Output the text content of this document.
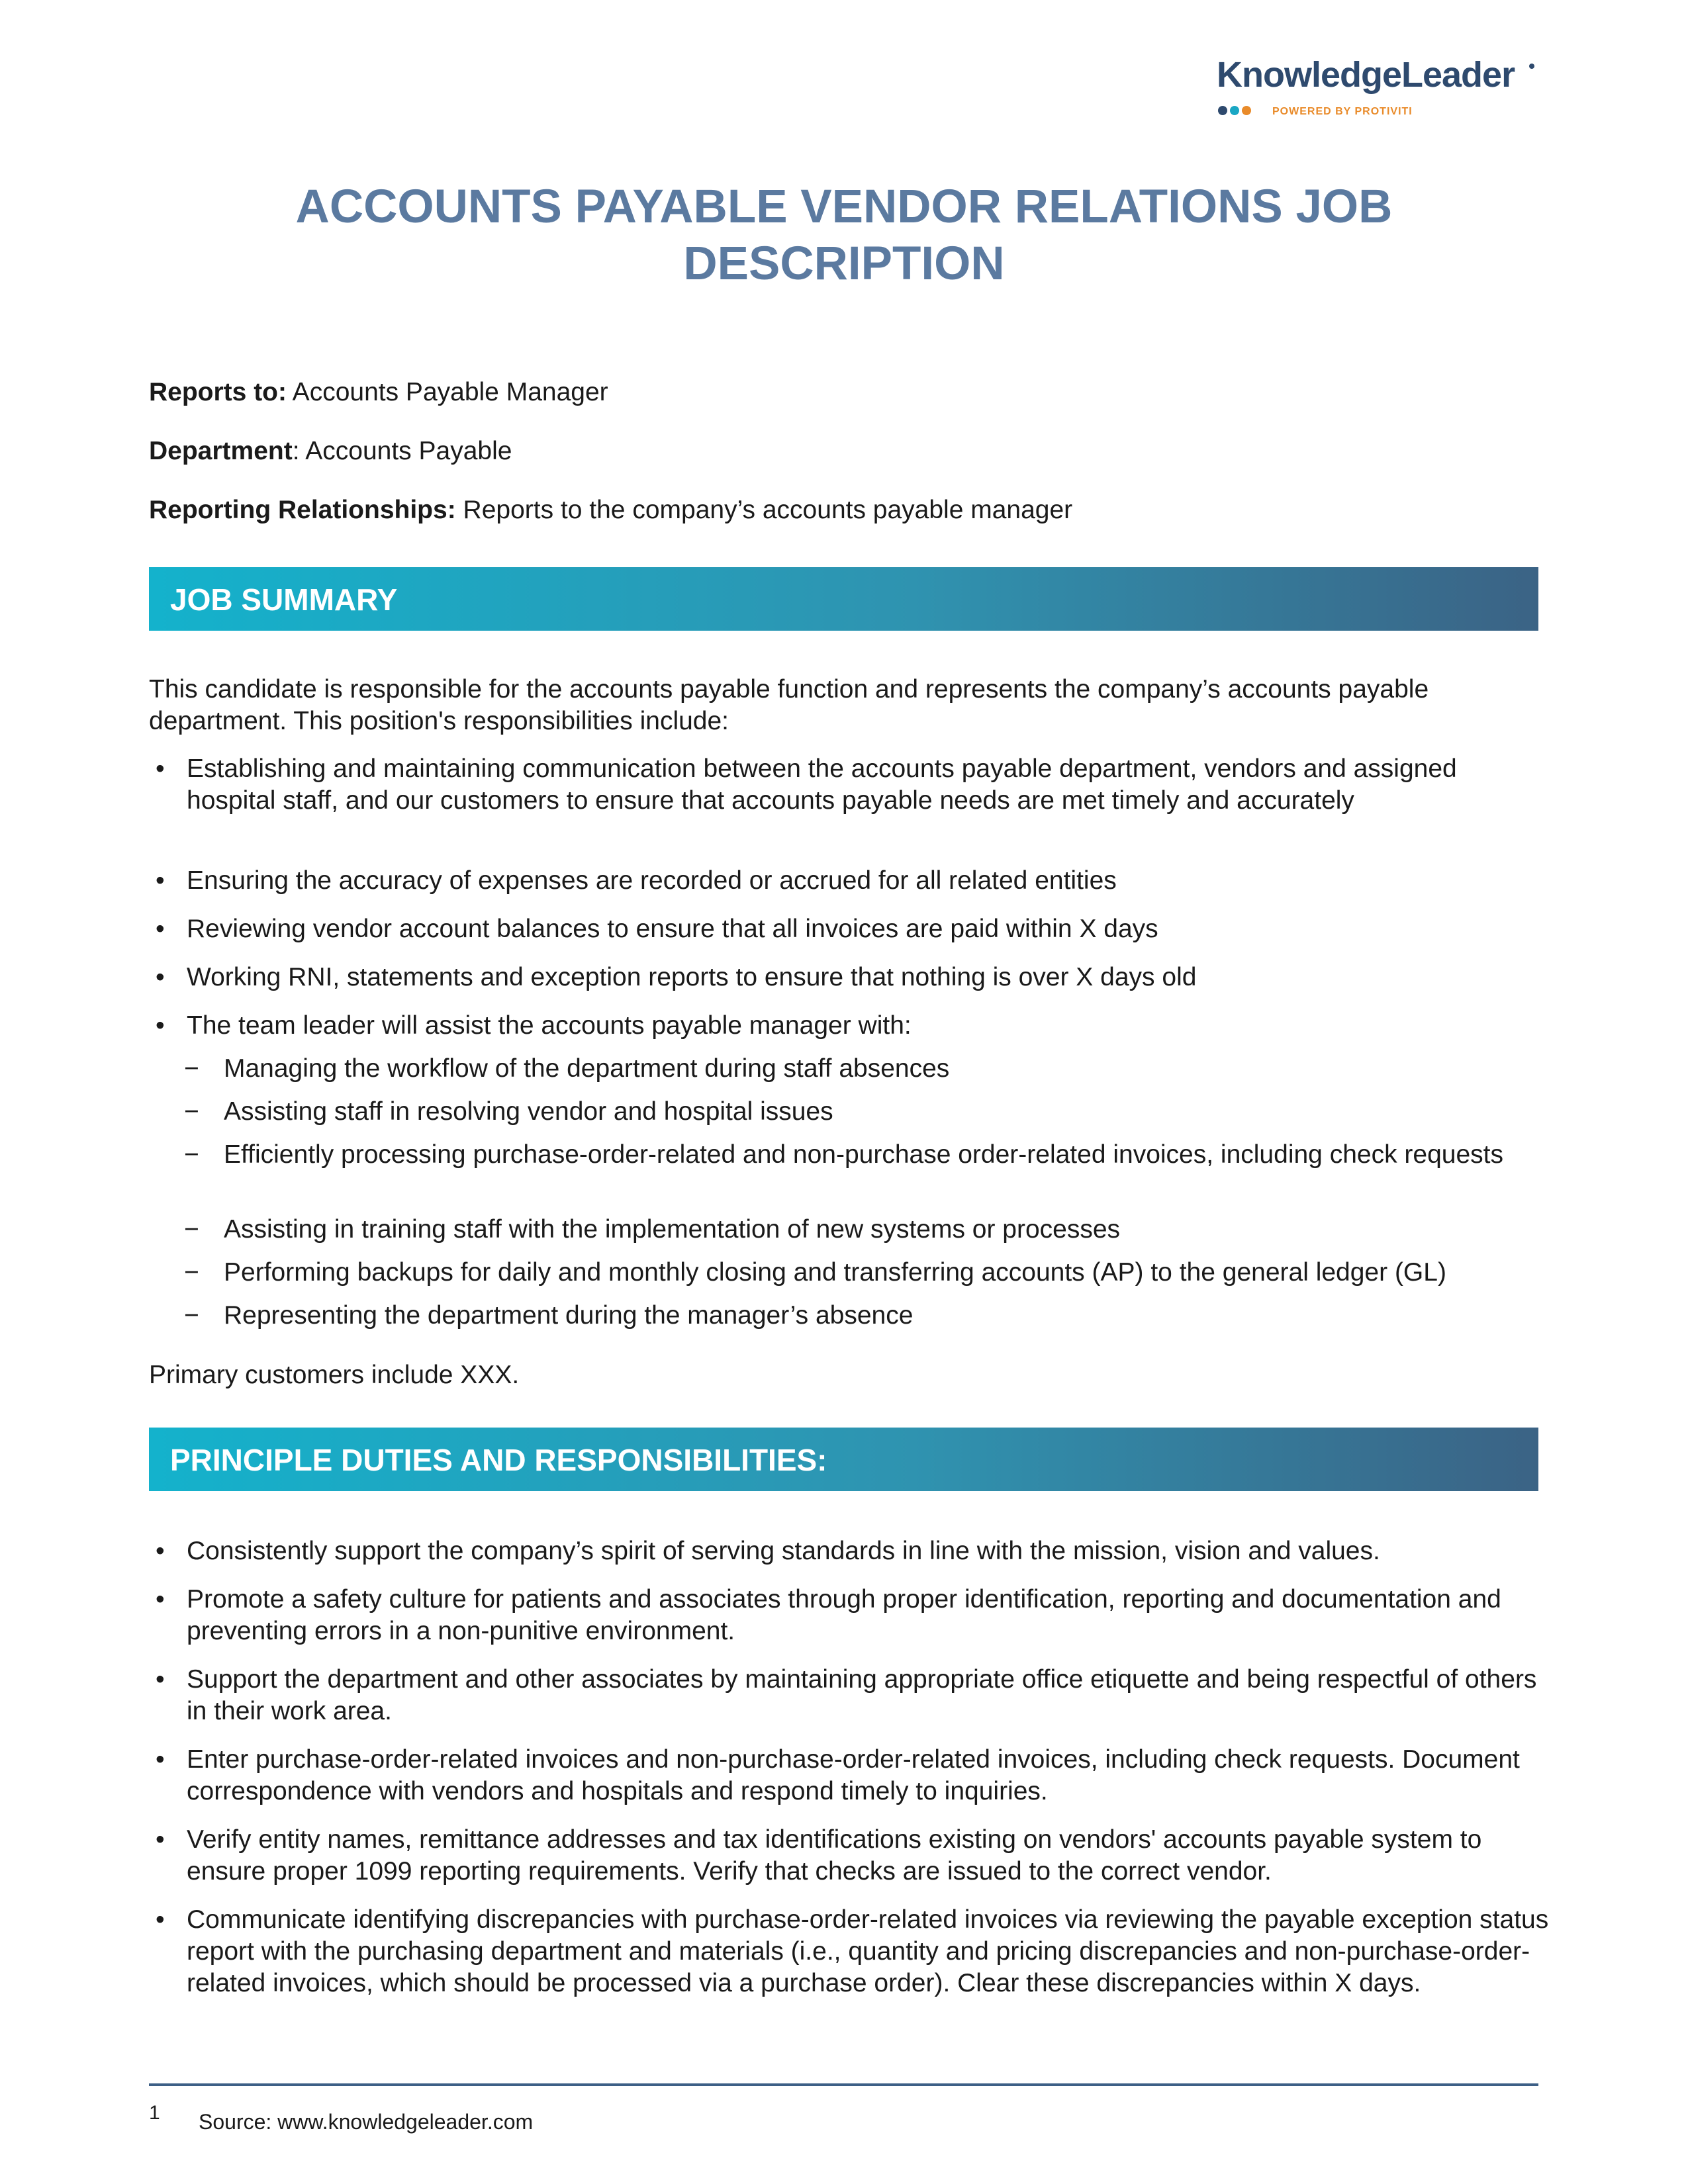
KnowledgeLeader
POWERED BY PROTIVITI
ACCOUNTS PAYABLE VENDOR RELATIONS JOB
DESCRIPTION
Reports to: Accounts Payable Manager
Department: Accounts Payable
Reporting Relationships: Reports to the company’s accounts payable manager
JOB SUMMARY
This candidate is responsible for the accounts payable function and represents the company’s accounts payable department. This position's responsibilities include:
• Establishing and maintaining communication between the accounts payable department, vendors and assigned hospital staff, and our customers to ensure that accounts payable needs are met timely and accurately
• Ensuring the accuracy of expenses are recorded or accrued for all related entities
• Reviewing vendor account balances to ensure that all invoices are paid within X days
• Working RNI, statements and exception reports to ensure that nothing is over X days old
• The team leader will assist the accounts payable manager with:
− Managing the workflow of the department during staff absences
− Assisting staff in resolving vendor and hospital issues
− Efficiently processing purchase-order-related and non-purchase order-related invoices, including check requests
− Assisting in training staff with the implementation of new systems or processes
− Performing backups for daily and monthly closing and transferring accounts (AP) to the general ledger (GL)
− Representing the department during the manager’s absence
Primary customers include XXX.
PRINCIPLE DUTIES AND RESPONSIBILITIES:
• Consistently support the company’s spirit of serving standards in line with the mission, vision and values.
• Promote a safety culture for patients and associates through proper identification, reporting and documentation and preventing errors in a non-punitive environment.
• Support the department and other associates by maintaining appropriate office etiquette and being respectful of others in their work area.
• Enter purchase-order-related invoices and non-purchase-order-related invoices, including check requests. Document correspondence with vendors and hospitals and respond timely to inquiries.
• Verify entity names, remittance addresses and tax identifications existing on vendors' accounts payable system to ensure proper 1099 reporting requirements. Verify that checks are issued to the correct vendor.
• Communicate identifying discrepancies with purchase-order-related invoices via reviewing the payable exception status report with the purchasing department and materials (i.e., quantity and pricing discrepancies and non-purchase-order-related invoices, which should be processed via a purchase order). Clear these discrepancies within X days.
1 Source: www.knowledgeleader.com
